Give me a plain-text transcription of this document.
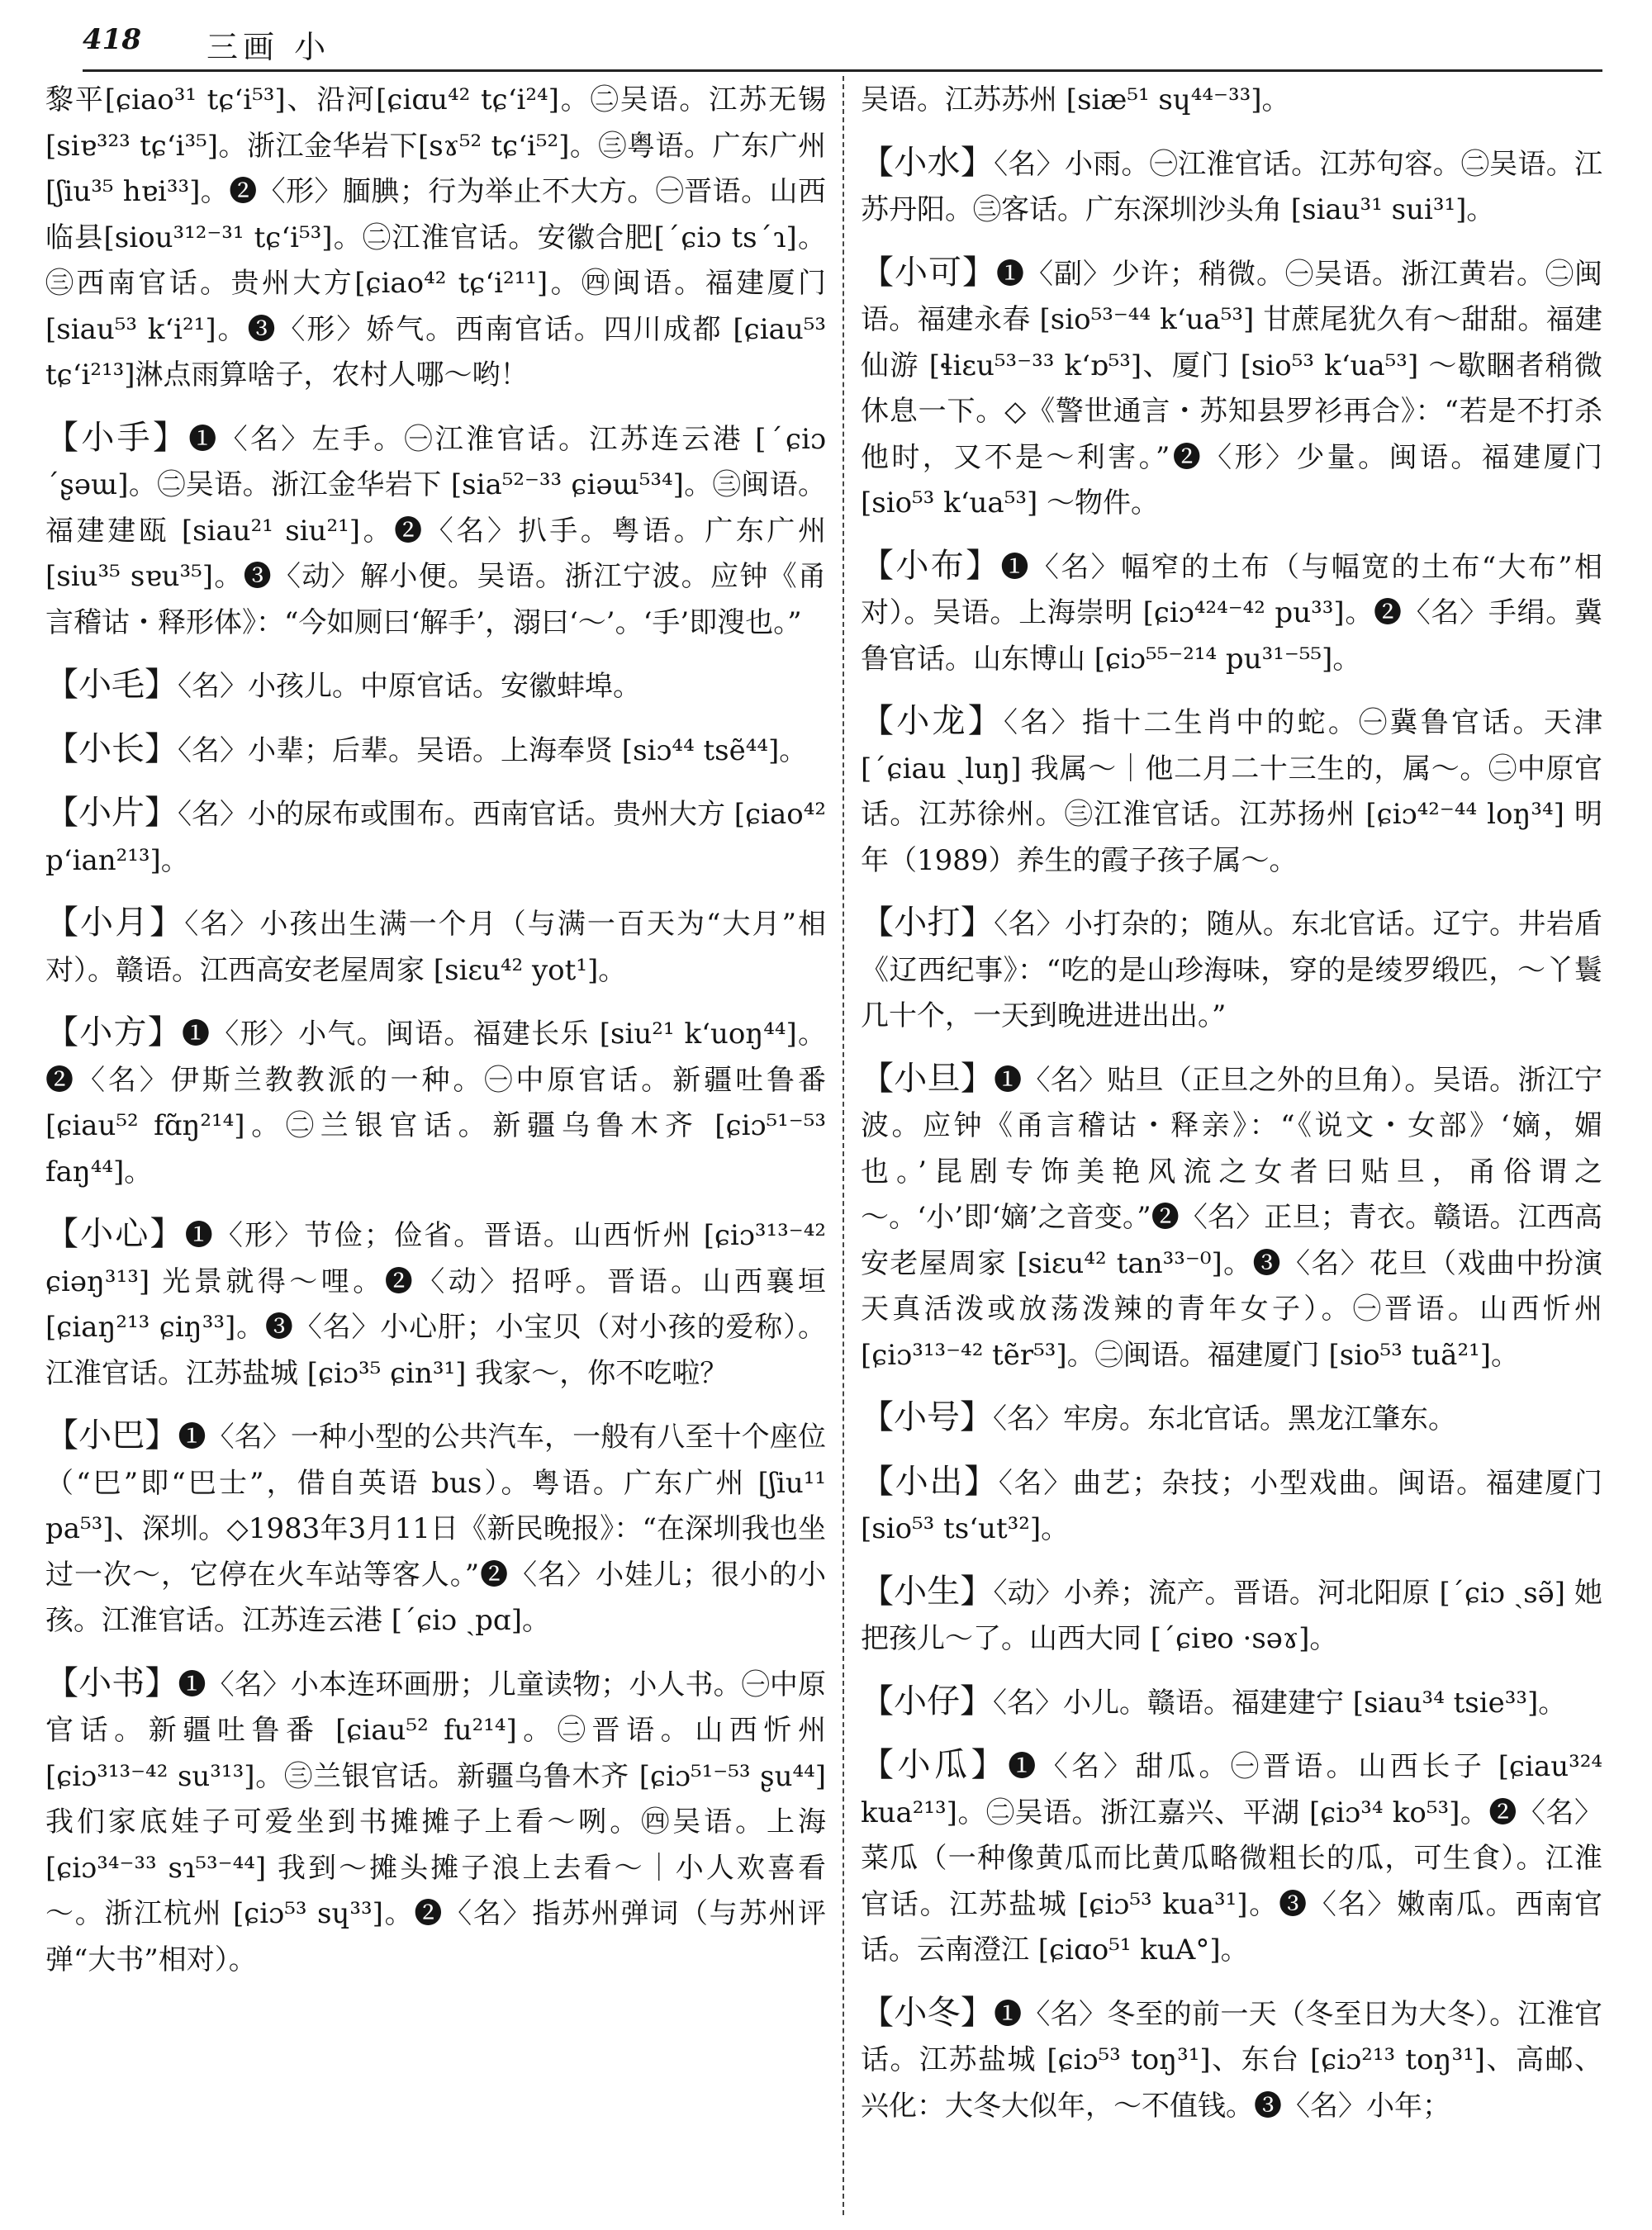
418 三画 小

黎平[ɕiao³¹ tɕ‘i⁵³]、沿河[ɕiɑu⁴² tɕ‘i²⁴]。㊁吴语。江苏无锡[siɐ³²³ tɕ‘i³⁵]。浙江金华岩下[sɤ⁵² tɕ‘i⁵²]。㊂粤语。广东广州[ʃiu³⁵ hɐi³³]。❷〈形〉腼腆；行为举止不大方。㊀晋语。山西临县[siou³¹²⁻³¹ tɕ‘i⁵³]。㊁江淮官话。安徽合肥[ˊɕiɔ tsˊɿ]。㊂西南官话。贵州大方[ɕiao⁴² tɕ‘i²¹¹]。㊃闽语。福建厦门 [siau⁵³ k‘i²¹]。❸〈形〉娇气。西南官话。四川成都 [ɕiau⁵³ tɕ‘i²¹³]淋点雨算啥子，农村人哪～哟！

【小手】❶〈名〉左手。㊀江淮官话。江苏连云港 [ˊɕiɔ ˊʂəɯ]。㊁吴语。浙江金华岩下 [sia⁵²⁻³³ ɕiəɯ⁵³⁴]。㊂闽语。福建建瓯 [siau²¹ siu²¹]。❷〈名〉扒手。粤语。广东广州 [siu³⁵ sɐu³⁵]。❸〈动〉解小便。吴语。浙江宁波。应钟《甬言稽诂・释形体》：“今如厕曰‘解手’，溺曰‘～’。‘手’即溲也。”

【小毛】〈名〉小孩儿。中原官话。安徽蚌埠。

【小长】〈名〉小辈；后辈。吴语。上海奉贤 [siɔ⁴⁴ tsẽ⁴⁴]。

【小片】〈名〉小的尿布或围布。西南官话。贵州大方 [ɕiao⁴² p‘ian²¹³]。

【小月】〈名〉小孩出生满一个月（与满一百天为“大月”相对）。赣语。江西高安老屋周家 [siɛu⁴² yot¹]。

【小方】❶〈形〉小气。闽语。福建长乐 [siu²¹ k‘uoŋ⁴⁴]。❷〈名〉伊斯兰教教派的一种。㊀中原官话。新疆吐鲁番 [ɕiau⁵² fɑ̃ŋ²¹⁴]。㊁兰银官话。新疆乌鲁木齐 [ɕiɔ⁵¹⁻⁵³ faŋ⁴⁴]。

【小心】❶〈形〉节俭；俭省。晋语。山西忻州 [ɕiɔ³¹³⁻⁴² ɕiəŋ³¹³] 光景就得～哩。❷〈动〉招呼。晋语。山西襄垣 [ɕiaŋ²¹³ ɕiŋ³³]。❸〈名〉小心肝；小宝贝（对小孩的爱称）。江淮官话。江苏盐城 [ɕiɔ³⁵ ɕin³¹] 我家～，你不吃啦？

【小巴】❶〈名〉一种小型的公共汽车，一般有八至十个座位（“巴”即“巴士”，借自英语 bus）。粤语。广东广州 [ʃiu¹¹ pa⁵³]、深圳。◇1983年3月11日《新民晚报》：“在深圳我也坐过一次～，它停在火车站等客人。”❷〈名〉小娃儿；很小的小孩。江淮官话。江苏连云港 [ˊɕiɔ ˏpɑ]。

【小书】❶〈名〉小本连环画册；儿童读物；小人书。㊀中原官话。新疆吐鲁番 [ɕiau⁵² fu²¹⁴]。㊁晋语。山西忻州 [ɕiɔ³¹³⁻⁴² su³¹³]。㊂兰银官话。新疆乌鲁木齐 [ɕiɔ⁵¹⁻⁵³ ʂu⁴⁴] 我们家底娃子可爱坐到书摊摊子上看～咧。㊃吴语。上海 [ɕiɔ³⁴⁻³³ sɿ⁵³⁻⁴⁴] 我到～摊头摊子浪上去看～｜小人欢喜看～。浙江杭州 [ɕiɔ⁵³ sɥ³³]。❷〈名〉指苏州弹词（与苏州评弹“大书”相对）。

吴语。江苏苏州 [siæ⁵¹ sɥ⁴⁴⁻³³]。

【小水】〈名〉小雨。㊀江淮官话。江苏句容。㊁吴语。江苏丹阳。㊂客话。广东深圳沙头角 [siau³¹ sui³¹]。

【小可】❶〈副〉少许；稍微。㊀吴语。浙江黄岩。㊁闽语。福建永春 [sio⁵³⁻⁴⁴ k‘ua⁵³] 甘蔗尾犹久有～甜甜。福建仙游 [ɬiɛu⁵³⁻³³ k‘ɒ⁵³]、厦门 [sio⁵³ k‘ua⁵³] ～歇睏者稍微休息一下。◇《警世通言・苏知县罗衫再合》：“若是不打杀他时，又不是～利害。”❷〈形〉少量。闽语。福建厦门 [sio⁵³ k‘ua⁵³] ～物件。

【小布】❶〈名〉幅窄的土布（与幅宽的土布“大布”相对）。吴语。上海崇明 [ɕiɔ⁴²⁴⁻⁴² pu³³]。❷〈名〉手绢。冀鲁官话。山东博山 [ɕiɔ⁵⁵⁻²¹⁴ pu³¹⁻⁵⁵]。

【小龙】〈名〉指十二生肖中的蛇。㊀冀鲁官话。天津 [ˊɕiau ˏluŋ] 我属～｜他二月二十三生的，属～。㊁中原官话。江苏徐州。㊂江淮官话。江苏扬州 [ɕiɔ⁴²⁻⁴⁴ loŋ³⁴] 明年（1989）养生的霞子孩子属～。

【小打】〈名〉小打杂的；随从。东北官话。辽宁。井岩盾《辽西纪事》：“吃的是山珍海味，穿的是绫罗缎匹，～丫鬟几十个，一天到晚进进出出。”

【小旦】❶〈名〉贴旦（正旦之外的旦角）。吴语。浙江宁波。应钟《甬言稽诂・释亲》：“《说文・女部》‘嫡，媚也。’昆剧专饰美艳风流之女者曰贴旦，甬俗谓之～。‘小’即‘嫡’之音变。”❷〈名〉正旦；青衣。赣语。江西高安老屋周家 [siɛu⁴² tan³³⁻⁰]。❸〈名〉花旦（戏曲中扮演天真活泼或放荡泼辣的青年女子）。㊀晋语。山西忻州 [ɕiɔ³¹³⁻⁴² tẽr⁵³]。㊁闽语。福建厦门 [sio⁵³ tuã²¹]。

【小号】〈名〉牢房。东北官话。黑龙江肇东。

【小出】〈名〉曲艺；杂技；小型戏曲。闽语。福建厦门 [sio⁵³ ts‘ut³²]。

【小生】〈动〉小养；流产。晋语。河北阳原 [ˊɕiɔ ˏsə̃] 她把孩儿～了。山西大同 [ˊɕiɐo ·səɤ]。

【小仔】〈名〉小儿。赣语。福建建宁 [siau³⁴ tsie³³]。

【小瓜】❶〈名〉甜瓜。㊀晋语。山西长子 [ɕiau³²⁴ kua²¹³]。㊁吴语。浙江嘉兴、平湖 [ɕiɔ³⁴ ko⁵³]。❷〈名〉菜瓜（一种像黄瓜而比黄瓜略微粗长的瓜，可生食）。江淮官话。江苏盐城 [ɕiɔ⁵³ kua³¹]。❸〈名〉嫩南瓜。西南官话。云南澄江 [ɕiɑo⁵¹ kuA°]。

【小冬】❶〈名〉冬至的前一天（冬至日为大冬）。江淮官话。江苏盐城 [ɕiɔ⁵³ toŋ³¹]、东台 [ɕiɔ²¹³ toŋ³¹]、高邮、兴化：大冬大似年，～不值钱。❸〈名〉小年；
